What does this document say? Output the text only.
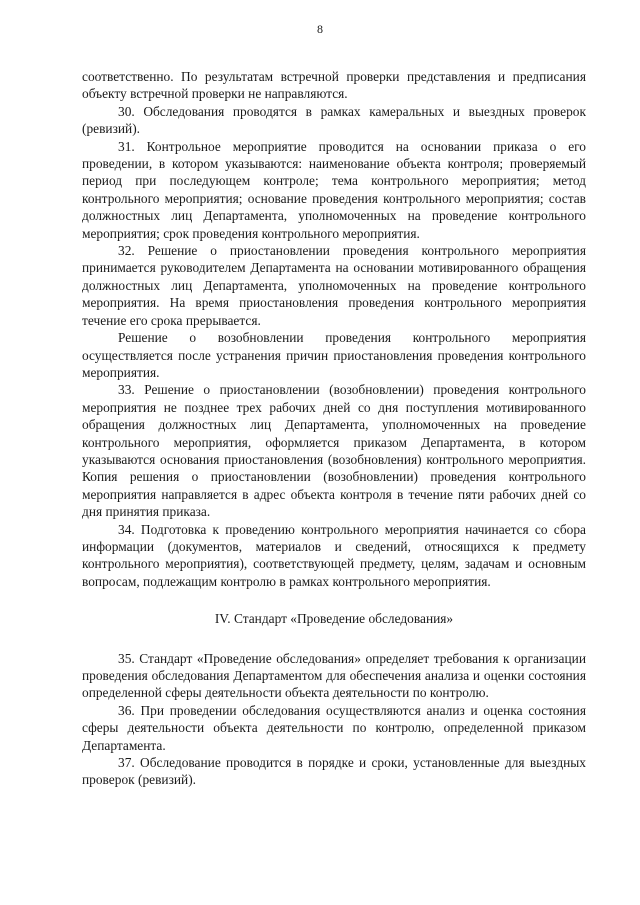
8

соответственно. По результатам встречной проверки представления и предписания объекту встречной проверки не направляются.

30. Обследования проводятся в рамках камеральных и выездных проверок (ревизий).

31. Контрольное мероприятие проводится на основании приказа о его проведении, в котором указываются: наименование объекта контроля; проверяемый период при последующем контроле; тема контрольного мероприятия; метод контрольного мероприятия; основание проведения контрольного мероприятия; состав должностных лиц Департамента, уполномоченных на проведение контрольного мероприятия; срок проведения контрольного мероприятия.

32. Решение о приостановлении проведения контрольного мероприятия принимается руководителем Департамента на основании мотивированного обращения должностных лиц Департамента, уполномоченных на проведение контрольного мероприятия. На время приостановления проведения контрольного мероприятия течение его срока прерывается.

Решение о возобновлении проведения контрольного мероприятия осуществляется после устранения причин приостановления проведения контрольного мероприятия.

33. Решение о приостановлении (возобновлении) проведения контрольного мероприятия не позднее трех рабочих дней со дня поступления мотивированного обращения должностных лиц Департамента, уполномоченных на проведение контрольного мероприятия, оформляется приказом Департамента, в котором указываются основания приостановления (возобновления) контрольного мероприятия. Копия решения о приостановлении (возобновлении) проведения контрольного мероприятия направляется в адрес объекта контроля в течение пяти рабочих дней со дня принятия приказа.

34. Подготовка к проведению контрольного мероприятия начинается со сбора информации (документов, материалов и сведений, относящихся к предмету контрольного мероприятия), соответствующей предмету, целям, задачам и основным вопросам, подлежащим контролю в рамках контрольного мероприятия.

IV. Стандарт «Проведение обследования»

35. Стандарт «Проведение обследования» определяет требования к организации проведения обследования Департаментом для обеспечения анализа и оценки состояния определенной сферы деятельности объекта деятельности по контролю.

36. При проведении обследования осуществляются анализ и оценка состояния сферы деятельности объекта деятельности по контролю, определенной приказом Департамента.

37. Обследование проводится в порядке и сроки, установленные для выездных проверок (ревизий).
